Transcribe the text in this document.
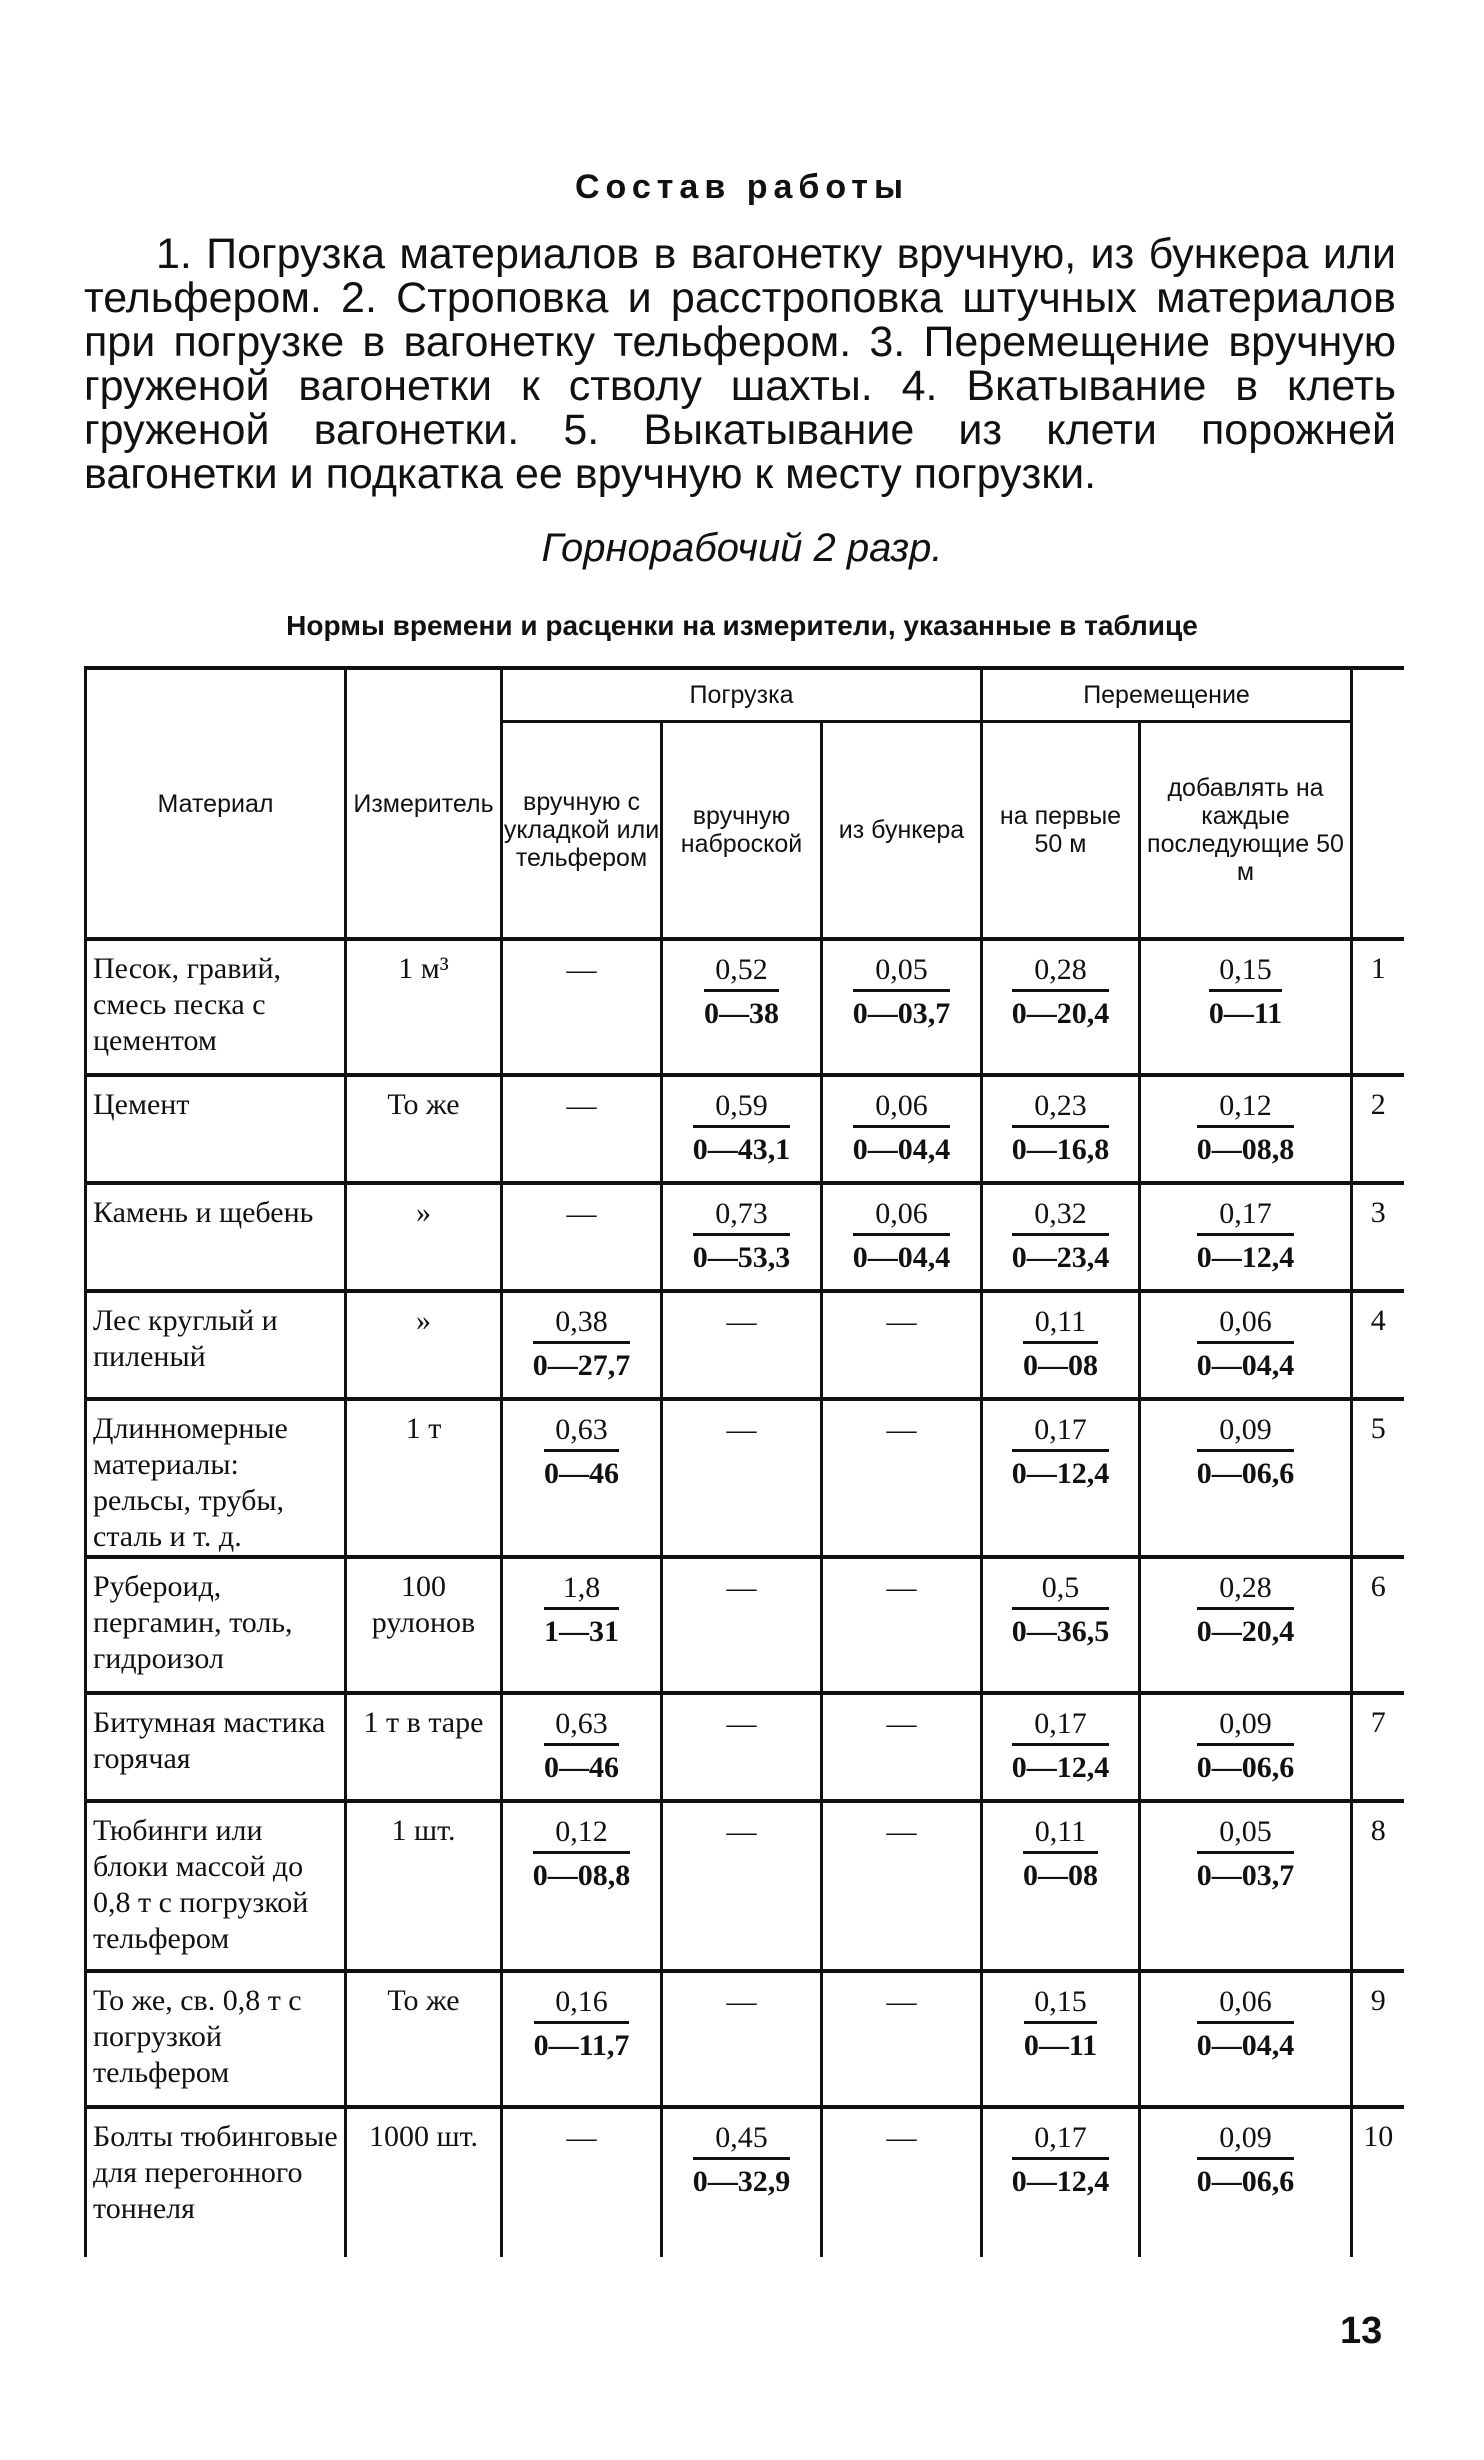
Состав работы
1. Погрузка материалов в вагонетку вручную, из бункера или тельфером. 2. Строповка и расстроповка штучных материалов при погрузке в вагонетку тельфером. 3. Перемещение вручную груженой вагонетки к стволу шахты. 4. Вкатывание в клеть груженой вагонетки. 5. Выкатывание из клети порожней вагонетки и подкатка ее вручную к месту погрузки.
Горнорабочий 2 разр.
Нормы времени и расценки на измерители, указанные в таблице
Материал	Измеритель	Погрузка			Перемещение		
		вручную с укладкой или тельфером	вручную наброской	из бункера	на первые 50 м	добавлять на каждые последующие 50 м	
Песок, гравий, смесь песка с цементом	1 м³	—	$\frac{0,52}{0—38}$	$\frac{0,05}{0—03,7}$	$\frac{0,28}{0—20,4}$	$\frac{0,15}{0—11}$	1
Цемент	То же	—	$\frac{0,59}{0—43,1}$	$\frac{0,06}{0—04,4}$	$\frac{0,23}{0—16,8}$	$\frac{0,12}{0—08,8}$	2
Камень и щебень	»	—	$\frac{0,73}{0—53,3}$	$\frac{0,06}{0—04,4}$	$\frac{0,32}{0—23,4}$	$\frac{0,17}{0—12,4}$	3
Лес круглый и пиленый	»	$\frac{0,38}{0—27,7}$	—	—	$\frac{0,11}{0—08}$	$\frac{0,06}{0—04,4}$	4
Длинномерные материалы: рельсы, трубы, сталь и т. д.	1 т	$\frac{0,63}{0—46}$	—	—	$\frac{0,17}{0—12,4}$	$\frac{0,09}{0—06,6}$	5
Рубероид, пергамин, толь, гидроизол	100 рулонов	$\frac{1,8}{1—31}$	—	—	$\frac{0,5}{0—36,5}$	$\frac{0,28}{0—20,4}$	6
Битумная мастика горячая	1 т в таре	$\frac{0,63}{0—46}$	—	—	$\frac{0,17}{0—12,4}$	$\frac{0,09}{0—06,6}$	7
Тюбинги или блоки массой до 0,8 т с погрузкой тельфером	1 шт.	$\frac{0,12}{0—08,8}$	—	—	$\frac{0,11}{0—08}$	$\frac{0,05}{0—03,7}$	8
То же, св. 0,8 т с погрузкой тельфером	То же	$\frac{0,16}{0—11,7}$	—	—	$\frac{0,15}{0—11}$	$\frac{0,06}{0—04,4}$	9
Болты тюбинговые для перегонного тоннеля	1000 шт.	—	$\frac{0,45}{0—32,9}$	—	$\frac{0,17}{0—12,4}$	$\frac{0,09}{0—06,6}$	10
13
